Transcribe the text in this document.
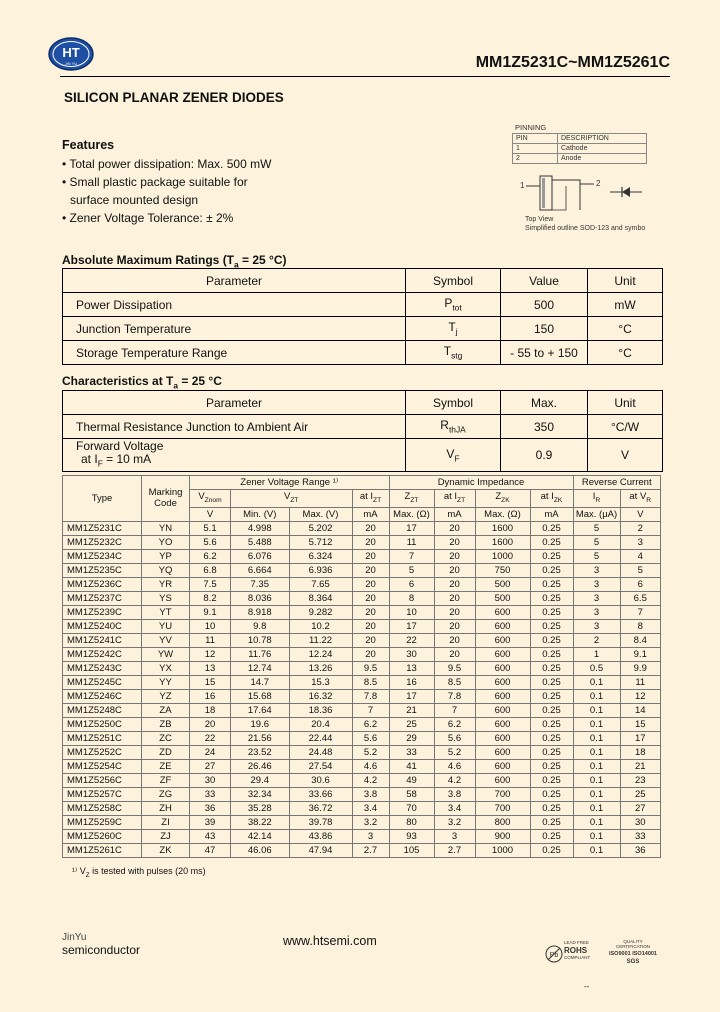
HT
JIN YU	MM1Z5231C~MM1Z5261C
SILICON PLANAR ZENER DIODES
Features
• Total power dissipation: Max. 500 mW
• Small plastic package suitable for
surface mounted design
• Zener Voltage Tolerance: ± 2%
PINNING
PIN	DESCRIPTION
1	Cathode
2	Anode
1	2
Top View
Simplified outline SOD-123 and symbo
Absolute Maximum Ratings ($T_a = 25$ °C)
Parameter	Symbol	Value	Unit
Power Dissipation	$P_{tot}$	500	mW
Junction Temperature	$T_j$	150	°C
Storage Temperature Range	$T_{stg}$	- 55 to + 150	°C
Characteristics at $T_a = 25$ °C
Parameter	Symbol	Max.	Unit
Thermal Resistance Junction to Ambient Air	$R_{thJA}$	350	°C/W
Forward Voltage
at $I_F = 10$ mA	$V_F$	0.9	V
Type	Marking Code	Zener Voltage Range ¹⁾				Dynamic Impedance				Reverse Current	
		$V_{Znom}$	$V_{ZT}$		at $I_{ZT}$	$Z_{ZT}$	at $I_{ZT}$	$Z_{ZK}$	at $I_{ZK}$	$I_R$	at $V_R$
		V	Min. (V)	Max. (V)	mA	Max. (Ω)	mA	Max. (Ω)	mA	Max. (μA)	V
MM1Z5231C	YN	5.1	4.998	5.202	20	17	20	1600	0.25	5	2
MM1Z5232C	YO	5.6	5.488	5.712	20	11	20	1600	0.25	5	3
MM1Z5234C	YP	6.2	6.076	6.324	20	7	20	1000	0.25	5	4
MM1Z5235C	YQ	6.8	6.664	6.936	20	5	20	750	0.25	3	5
MM1Z5236C	YR	7.5	7.35	7.65	20	6	20	500	0.25	3	6
MM1Z5237C	YS	8.2	8.036	8.364	20	8	20	500	0.25	3	6.5
MM1Z5239C	YT	9.1	8.918	9.282	20	10	20	600	0.25	3	7
MM1Z5240C	YU	10	9.8	10.2	20	17	20	600	0.25	3	8
MM1Z5241C	YV	11	10.78	11.22	20	22	20	600	0.25	2	8.4
MM1Z5242C	YW	12	11.76	12.24	20	30	20	600	0.25	1	9.1
MM1Z5243C	YX	13	12.74	13.26	9.5	13	9.5	600	0.25	0.5	9.9
MM1Z5245C	YY	15	14.7	15.3	8.5	16	8.5	600	0.25	0.1	11
MM1Z5246C	YZ	16	15.68	16.32	7.8	17	7.8	600	0.25	0.1	12
MM1Z5248C	ZA	18	17.64	18.36	7	21	7	600	0.25	0.1	14
MM1Z5250C	ZB	20	19.6	20.4	6.2	25	6.2	600	0.25	0.1	15
MM1Z5251C	ZC	22	21.56	22.44	5.6	29	5.6	600	0.25	0.1	17
MM1Z5252C	ZD	24	23.52	24.48	5.2	33	5.2	600	0.25	0.1	18
MM1Z5254C	ZE	27	26.46	27.54	4.6	41	4.6	600	0.25	0.1	21
MM1Z5256C	ZF	30	29.4	30.6	4.2	49	4.2	600	0.25	0.1	23
MM1Z5257C	ZG	33	32.34	33.66	3.8	58	3.8	700	0.25	0.1	25
MM1Z5258C	ZH	36	35.28	36.72	3.4	70	3.4	700	0.25	0.1	27
MM1Z5259C	ZI	39	38.22	39.78	3.2	80	3.2	800	0.25	0.1	30
MM1Z5260C	ZJ	43	42.14	43.86	3	93	3	900	0.25	0.1	33
MM1Z5261C	ZK	47	46.06	47.94	2.7	105	2.7	1000	0.25	0.1	36
¹⁾ $V_Z$ is tested with pulses (20 ms)
JinYu
semiconductor
www.htsemi.com
Pb
LEAD FREE
ROHS
COMPLIANT
QUALITY
CERTIFICATION
ISO9001 ISO14001
SGS
--
